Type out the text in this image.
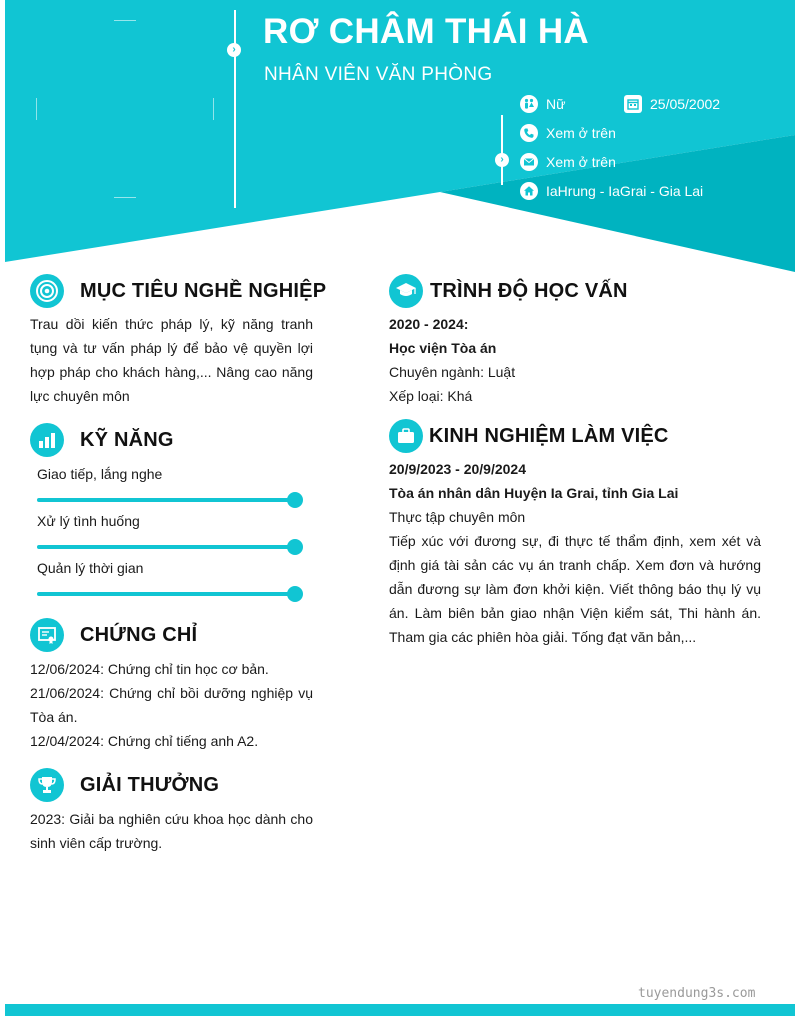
› RƠ CHÂM THÁI HÀ
NHÂN VIÊN VĂN PHÒNG
›
Nữ	25/05/2002
Xem ở trên
Xem ở trên
IaHrung - IaGrai - Gia Lai
MỤC TIÊU NGHỀ NGHIỆP
Trau dồi kiến thức pháp lý, kỹ năng tranh tụng và tư vấn pháp lý để bảo vệ quyền lợi hợp pháp cho khách hàng,... Nâng cao năng lực chuyên môn
KỸ NĂNG
Giao tiếp, lắng nghe
Xử lý tình huống
Quản lý thời gian
CHỨNG CHỈ

12/06/2024: Chứng chỉ tin học cơ bản.

21/06/2024: Chứng chỉ bồi dưỡng nghiệp vụ Tòa án.

12/04/2024: Chứng chỉ tiếng anh A2.

GIẢI THƯỞNG
2023: Giải ba nghiên cứu khoa học dành cho sinh viên cấp trường.
TRÌNH ĐỘ HỌC VẤN

2020 - 2024:

Học viện Tòa án

Chuyên ngành: Luật

Xếp loại: Khá

KINH NGHIỆM LÀM VIỆC

20/9/2023 - 20/9/2024

Tòa án nhân dân Huyện Ia Grai, tỉnh Gia Lai

Thực tập chuyên môn

Tiếp xúc với đương sự, đi thực tế thẩm định, xem xét và định giá tài sản các vụ án tranh chấp. Xem đơn và hướng dẫn đương sự làm đơn khởi kiện. Viết thông báo thụ lý vụ án. Làm biên bản giao nhận Viện kiểm sát, Thi hành án. Tham gia các phiên hòa giải. Tống đạt văn bản,...

tuyendung3s.com
